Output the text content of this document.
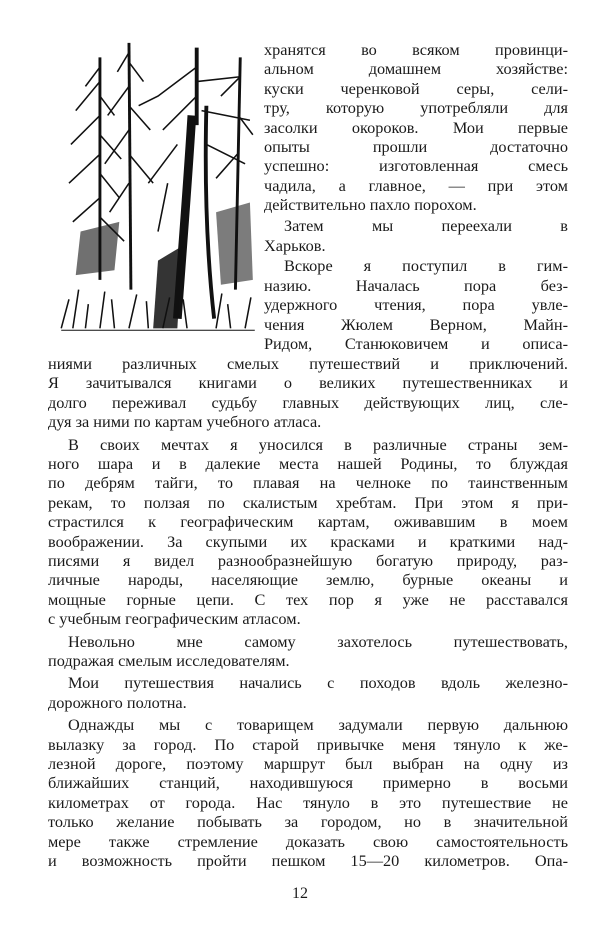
хранятся во всяком провинци-
альном домашнем хозяйстве:
куски черенковой серы, сели-
тру, которую употребляли для
засолки окороков. Мои первые
опыты прошли достаточно
успешно: изготовленная смесь
чадила, а главное, — при этом
действительно пахло порохом.
Затем мы переехали в
Харьков.
Вскоре я поступил в гим-
назию. Началась пора без-
удержного чтения, пора увле-
чения Жюлем Верном, Майн-
Ридом, Станюковичем и описа-
ниями различных смелых путешествий и приключений.
Я зачитывался книгами о великих путешественниках и
долго переживал судьбу главных действующих лиц, сле-
дуя за ними по картам учебного атласа.
В своих мечтах я уносился в различные страны зем-
ного шара и в далекие места нашей Родины, то блуждая
по дебрям тайги, то плавая на челноке по таинственным
рекам, то ползая по скалистым хребтам. При этом я при-
страстился к географическим картам, оживавшим в моем
воображении. За скупыми их красками и краткими над-
писями я видел разнообразнейшую богатую природу, раз-
личные народы, населяющие землю, бурные океаны и
мощные горные цепи. С тех пор я уже не расставался
с учебным географическим атласом.
Невольно мне самому захотелось путешествовать,
подражая смелым исследователям.
Мои путешествия начались с походов вдоль железно-
дорожного полотна.
Однажды мы с товарищем задумали первую дальнюю
вылазку за город. По старой привычке меня тянуло к же-
лезной дороге, поэтому маршрут был выбран на одну из
ближайших станций, находившуюся примерно в восьми
километрах от города. Нас тянуло в это путешествие не
только желание побывать за городом, но в значительной
мере также стремление доказать свою самостоятельность
и возможность пройти пешком 15—20 километров. Опа-
12
